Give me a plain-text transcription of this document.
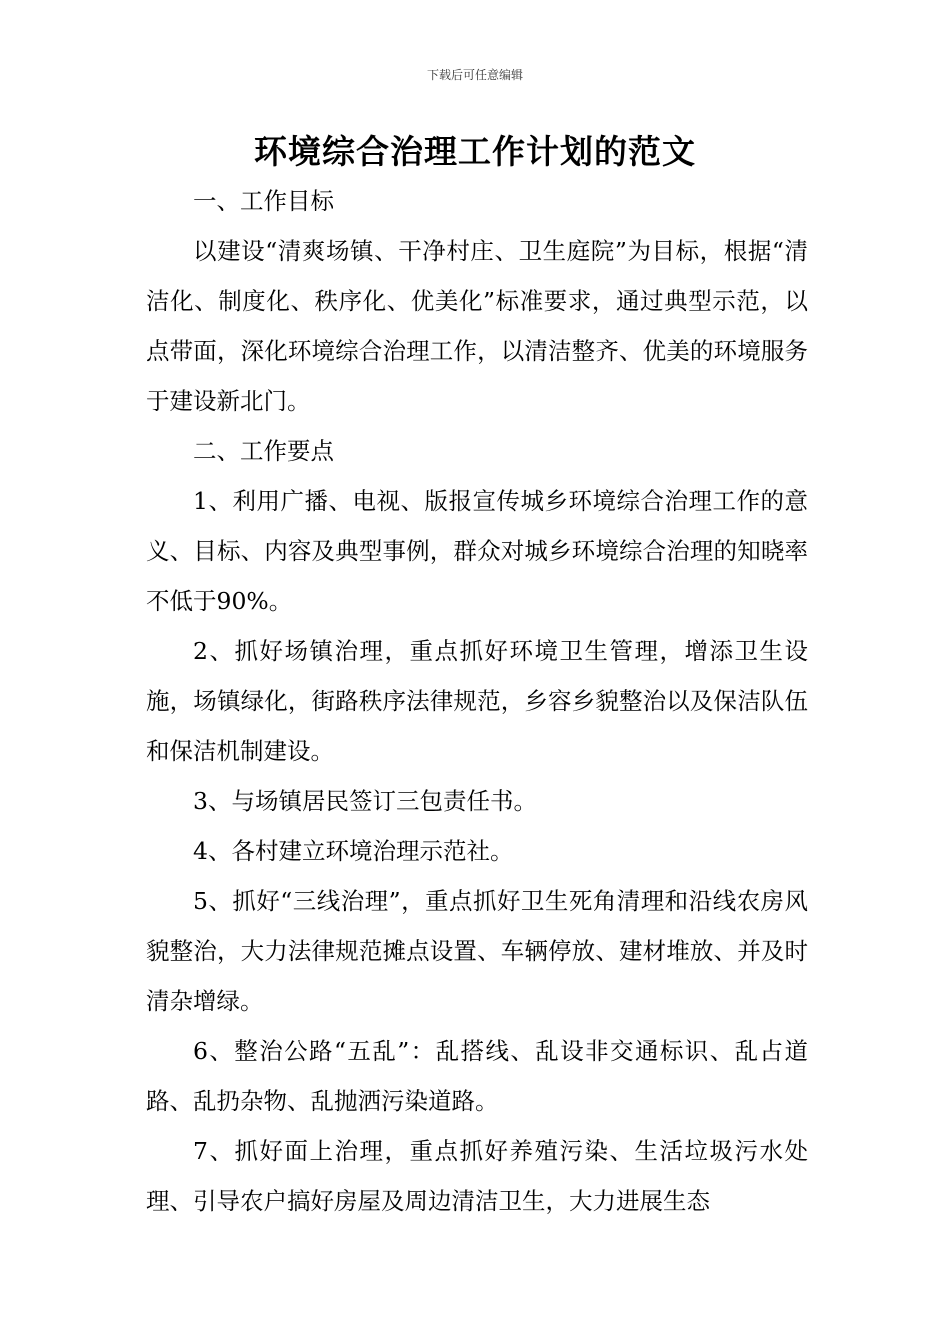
下载后可任意编辑
环境综合治理工作计划的范文

一、工作目标

以建设“清爽场镇、干净村庄、卫生庭院”为目标，根据“清洁化、制度化、秩序化、优美化”标准要求，通过典型示范，以点带面，深化环境综合治理工作，以清洁整齐、优美的环境服务于建设新北门。

二、工作要点

1、利用广播、电视、版报宣传城乡环境综合治理工作的意义、目标、内容及典型事例，群众对城乡环境综合治理的知晓率不低于90%。

2、抓好场镇治理，重点抓好环境卫生管理，增添卫生设施，场镇绿化，街路秩序法律规范，乡容乡貌整治以及保洁队伍和保洁机制建设。

3、与场镇居民签订三包责任书。

4、各村建立环境治理示范社。

5、抓好“三线治理”，重点抓好卫生死角清理和沿线农房风貌整治，大力法律规范摊点设置、车辆停放、建材堆放、并及时清杂增绿。

6、整治公路“五乱”：乱搭线、乱设非交通标识、乱占道路、乱扔杂物、乱抛洒污染道路。

7、抓好面上治理，重点抓好养殖污染、生活垃圾污水处理、引导农户搞好房屋及周边清洁卫生，大力进展生态
